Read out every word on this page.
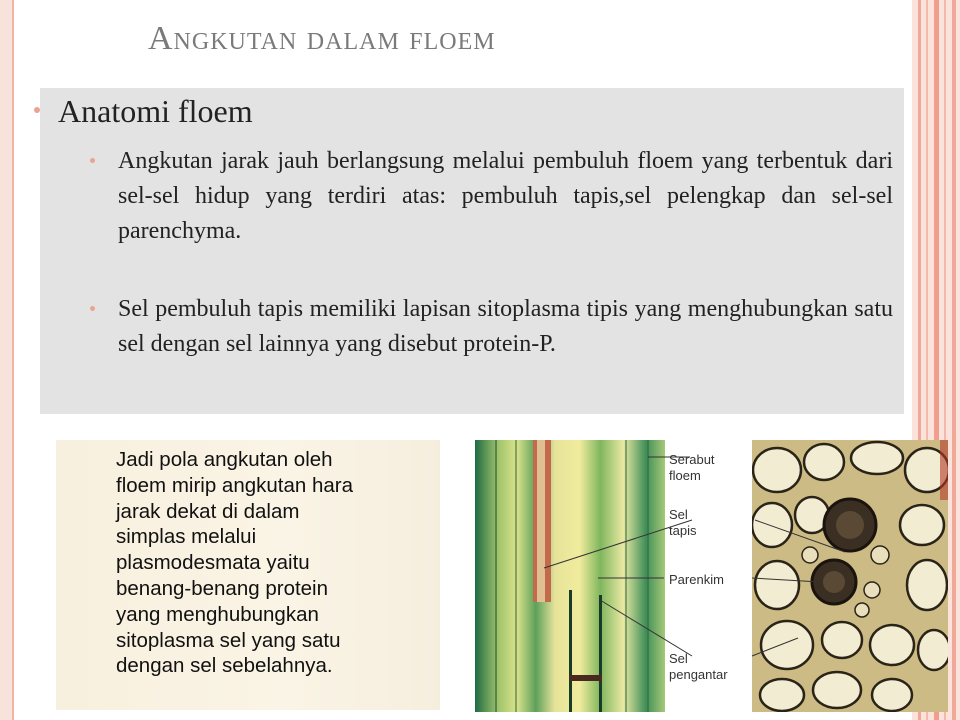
Angkutan dalam floem
Anatomi floem
Angkutan jarak jauh berlangsung melalui pembuluh floem yang terbentuk dari sel-sel hidup yang terdiri atas: pembuluh tapis,sel pelengkap dan sel-sel parenchyma.
Sel pembuluh tapis memiliki lapisan sitoplasma tipis yang menghubungkan satu sel dengan sel lainnya yang disebut protein-P.

Jadi pola angkutan oleh
floem mirip angkutan hara
jarak dekat di dalam
simplas melalui
plasmodesmata yaitu
benang-benang protein
yang menghubungkan
sitoplasma sel yang satu
dengan sel sebelahnya.

Serabut
floem
Sel
tapis
Parenkim
Sel
pengantar
